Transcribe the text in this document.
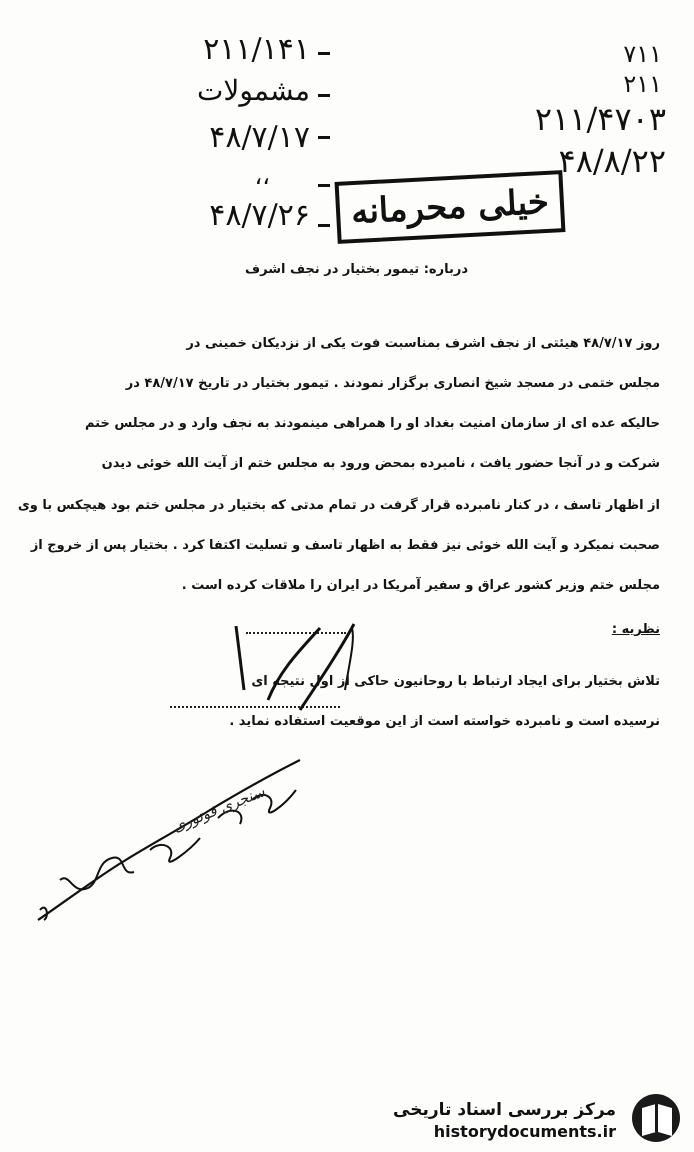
۲۱۱/۱۴۱
مشمولات
۴۸/۷/۱۷
،،
۴۸/۷/۲۶
۷۱۱
۲۱۱
۲۱۱/۴۷۰۳
۴۸/۸/۲۲
خیلی محرمانه
درباره: تیمور بختیار در نجف اشرف
روز ۴۸/۷/۱۷ هیئتی از نجف اشرف بمناسبت فوت یکی از نزدیکان خمینی در
مجلس ختمی در مسجد شیخ انصاری برگزار نمودند . تیمور بختیار در تاریخ ۴۸/۷/۱۷ در
حالیکه عده ای از سازمان امنیت بغداد او را همراهی مینمودند به نجف وارد و در مجلس ختم
شرکت و در آنجا حضور یافت ، نامبرده بمحض ورود به مجلس ختم از آیت الله خوئی دیدن
از اظهار تاسف ، در کنار نامبرده قرار گرفت در تمام مدتی که بختیار در مجلس ختم بود هیچکس با وی
صحبت نمیکرد و آیت الله خوئی نیز فقط به اظهار تاسف و تسلیت اکتفا کرد . بختیار پس از خروج از
مجلس ختم وزیر کشور عراق و سفیر آمریکا در ایران را ملاقات کرده است .
نظریه :
تلاش بختیار برای ایجاد ارتباط با روحانیون حاکی از اول نتیجه ای
نرسیده است و نامبرده خواسته است از این موقعیت استفاده نماید .
سنجری فوتوری
مرکز بررسی اسناد تاریخی
historydocuments.ir
